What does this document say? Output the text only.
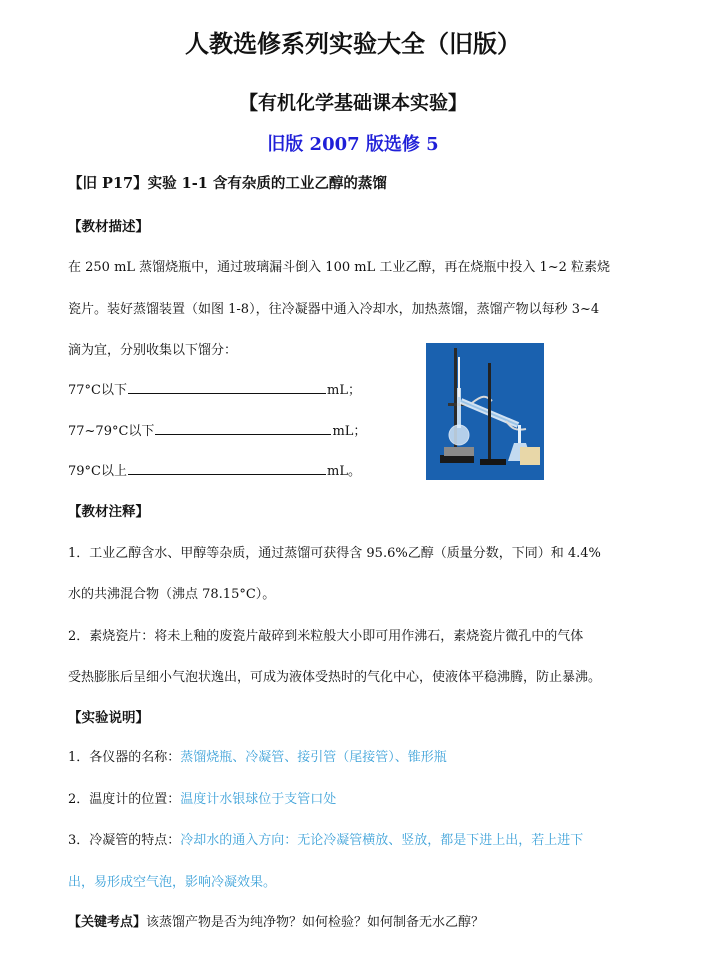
人教选修系列实验大全（旧版）
【有机化学基础课本实验】
旧版 2007 版选修 5
【旧 P17】实验 1-1 含有杂质的工业乙醇的蒸馏
【教材描述】
在 250 mL 蒸馏烧瓶中，通过玻璃漏斗倒入 100 mL 工业乙醇，再在烧瓶中投入 1~2 粒素烧
瓷片。装好蒸馏装置（如图 1-8），往冷凝器中通入冷却水，加热蒸馏，蒸馏产物以每秒 3~4
滴为宜，分别收集以下馏分：
77°C以下	mL；
77~79°C以下	mL；
79°C以上	mL。
【教材注释】
1．工业乙醇含水、甲醇等杂质，通过蒸馏可获得含 95.6%乙醇（质量分数，下同）和 4.4%
水的共沸混合物（沸点 78.15°C）。
2．素烧瓷片：将未上釉的废瓷片敲碎到米粒般大小即可用作沸石，素烧瓷片微孔中的气体
受热膨胀后呈细小气泡状逸出，可成为液体受热时的气化中心，使液体平稳沸腾，防止暴沸。
【实验说明】
1．各仪器的名称：蒸馏烧瓶、冷凝管、接引管（尾接管）、锥形瓶
2．温度计的位置：温度计水银球位于支管口处
3．冷凝管的特点：冷却水的通入方向：无论冷凝管横放、竖放，都是下进上出，若上进下
出，易形成空气泡，影响冷凝效果。
【关键考点】该蒸馏产物是否为纯净物？如何检验？如何制备无水乙醇？
